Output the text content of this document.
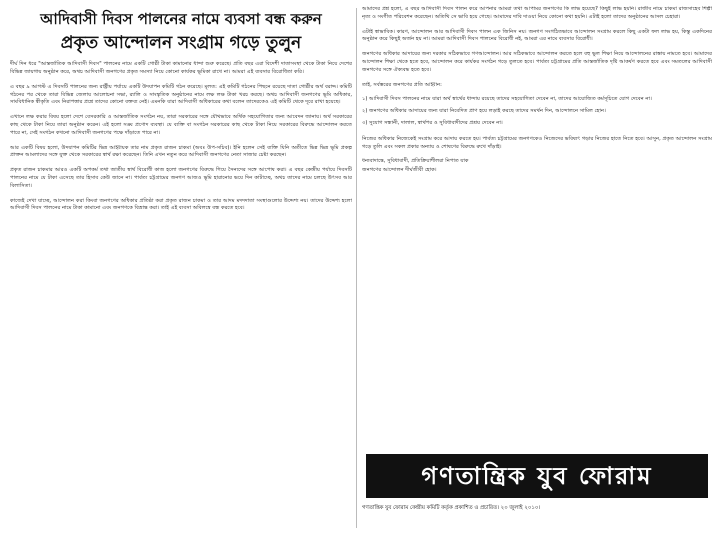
আদিবাসী দিবস পালনের নামে ব্যবসা বন্ধ করুন
প্রকৃত আন্দোলন সংগ্রাম গড়ে তুলুন

দীর্ঘ দিন ধরে "আন্তর্জাতিক আদিবাসী দিবস" পালনের নামে একটি গোষ্ঠী টাকা কামানোর ধান্দা শুরু করেছে। প্রতি বছর এরা বিদেশী দাতাসংস্থা থেকে টাকা নিয়ে দেশের বিভিন্ন জায়গায় অনুষ্ঠান করে, অথচ আদিবাসী জনগণের প্রকৃত সমস্যা নিয়ে কোনো কার্যকর ভূমিকা রাখে না। আমরা এই ব্যবসার বিরোধিতা করি।

এ বছর ৯ আগস্ট এ দিবসটি পালনের জন্য রাষ্ট্রীয় পর্যায়ে একটি উদযাপন কমিটি গঠন করেছে। মূলত: এই কমিটি গঠনের পিছনে রয়েছে দাতা গোষ্ঠীর অর্থ বরাদ্দ। কমিটি গঠনের পর থেকে তারা বিভিন্ন জেলায় আলোচনা সভা, র‍্যালি ও সাংস্কৃতিক অনুষ্ঠানের নামে লক্ষ লক্ষ টাকা খরচ করছে। অথচ আদিবাসী জনগণের ভূমি অধিকার, সাংবিধানিক স্বীকৃতি এবং নিরাপত্তার প্রশ্নে তাদের কোনো বক্তব্য নেই। এমনকি যারা আদিবাসী অধিকারের কথা বলেন তাদেরকেও এই কমিটি থেকে দূরে রাখা হয়েছে।

এখানে লক্ষ করার বিষয় হলো দেশে বেসরকারি ও আন্তর্জাতিক সংগঠন নয়, তারা সরকারের সঙ্গে যৌথভাবে অর্থিক সহযোগিতার জন্য আবেদন জানায়। অর্থ সরকারের কাছ থেকে টাকা নিয়ে তারা অনুষ্ঠান করেন। এই হলো সঙ্ঘ প্রণোদ ব্যবস্থা। যে ব্যক্তি বা সংগঠন সরকারের কাছ থেকে টাকা নিয়ে সরকারের বিরুদ্ধে আন্দোলন করতে পারে না, সেই সংগঠন কখনো আদিবাসী জনগণের পক্ষে দাঁড়াতে পারে না।

আর একটি বিষয় হলো, উদযাপন কমিটির ভিন্ন আহ্বায়ক তার নাম প্রকৃত রাজন চাকমা (অবঃ উপ-সচিব)। ইনি হলেন সেই ব্যক্তি যিনি অতীতে ভিন্ন ভিন্ন ভূমি প্রকল্প প্রাক্তন আমলাদের সঙ্গে যুক্ত থেকে সরকারের স্বার্থ রক্ষা করেছেন। তিনি এখন নতুন করে আদিবাসী জনগণের নেতা সাজার চেষ্টা করছেন।

প্রকৃত রাজন চাকমার আরও একটি অপকর্ম তথা জাতীয় স্বার্থ বিরোধী কাজ হলো জনগণের বিরুদ্ধে গিয়ে সৈন্যদের সঙ্গে আপোষ করা। এ বছর কেন্দ্রীয় পর্যায়ে দিবসটি পালনের নামে যে টাকা এসেছে তার হিসাব কেউ জানে না। পার্বত্য চট্টগ্রামের জনগণ আজও ভূমি হারানোর ভয়ে দিন কাটাচ্ছে, অথচ তাদের নামে চলছে উৎসব আর বিলাসিতা।

কাজেই দেখা যাচ্ছে, আন্দোলন করা কিংবা জনগণের অধিকার প্রতিষ্ঠা করা প্রকৃত রাজন চাকমা ও তার আদম মদদদাতা সংস্থাগুলোর উদ্দেশ্য নয়। তাদের উদ্দেশ্য হলো আদিবাসী দিবস পালনের নামে টাকা কামানো এবং জনগণকে বিভ্রান্ত করা। তাই এই ব্যবসা অবিলম্বে বন্ধ করতে হবে।

আমাদের প্রশ্ন হলো, এ বছর আদিবাসী দিবস পালন করে আপনার আমরা তথা আপামর জনগণের কি লাভ হয়েছে? কিছুই লাভ হয়নি। রাজীব নামে চাকমা রাজসাহেব শিল্পী নৃত্য ও সংগীত পরিবেশন করেছেন। অতিথি সে ভাবি হয়ে গেছে। আমাদের দাবি দাওয়া নিয়ে কোনো কথা হয়নি। এটাই হলো তাদের অনুষ্ঠানের আসল চেহারা।

এটাই স্বাভাবিক। কারণ, আন্দোলন আর আদিবাসী দিবস পালন এক জিনিস নয়। জনগণ সংগঠিতভাবে আন্দোলন সংগ্রাম করলে কিছু একটা ফল লাভ হয়, কিন্তু একদিনের অনুষ্ঠান করে কিছুই অর্জন হয় না। আমরা আদিবাসী দিবস পালনের বিরোধী নই, আমরা এর নামে ব্যবসার বিরোধী।

জনগণের অধিকার আদায়ের জন্য দরকার সঠিকভাবে গণআন্দোলন। আর সঠিকভাবে আন্দোলন করতে হলে বহু ভুল শিক্ষা নিয়ে আন্দোলনের রাস্তায় নামতে হবে। আমাদের আন্দোলন শিক্ষা থেকে হতে হবে, আন্দোলন করে কার্যকর সংগঠন গড়ে তুলতে হবে। পার্বত্য চট্টগ্রামের প্রতি আন্তর্জাতিক দৃষ্টি আকর্ষণ করতে হবে এবং সমতলের আদিবাসী জনগণের সঙ্গে ঐক্যবদ্ধ হতে হবে।

তাই, সর্বস্তরের জনগণের প্রতি আহ্বান:

১) আদিবাসী দিবস পালনের নামে যারা অর্থ স্বার্থের ধান্দায় রয়েছে তাদের সহযোগিতা দেবেন না, তাদের আয়োজিত কর্মসূচিতে যোগ দেবেন না।
২) জনগণের অধিকার আদায়ের জন্য যারা নিবেদিত প্রাণ হয়ে লড়াই করছে তাদের সমর্থন দিন, আন্দোলনে সামিল হোন।
৩) সুযোগ সন্ধানী, দালাল, স্বার্থপর ও সুবিধাবাদীদের প্রশ্রয় দেবেন না।

নিজের অধিকার নিজেকেই সংগ্রাম করে আদায় করতে হয়। পার্বত্য চট্টগ্রামের জনগণকেও নিজেদের ভবিষ্যৎ গড়ার নিজের হাতে নিতে হবে। আসুন, প্রকৃত আন্দোলন সংগ্রাম গড়ে তুলি এবং সকল প্রকার অন্যায় ও শোষণের বিরুদ্ধে রুখে দাঁড়াই।

ধন্যবাদান্তে, সুবিধাবাদী, প্রতিক্রিয়াশীলরা নিপাত যাক
জনগণের আন্দোলন দীর্ঘজীবী হোক।
গণতান্ত্রিক যুব ফোরাম
গণতান্ত্রিক যুব ফোরাম কেন্দ্রীয় কমিটি কর্তৃক প্রকাশিত ও প্রচারিত। ২০ জুলাই ২০১০।
